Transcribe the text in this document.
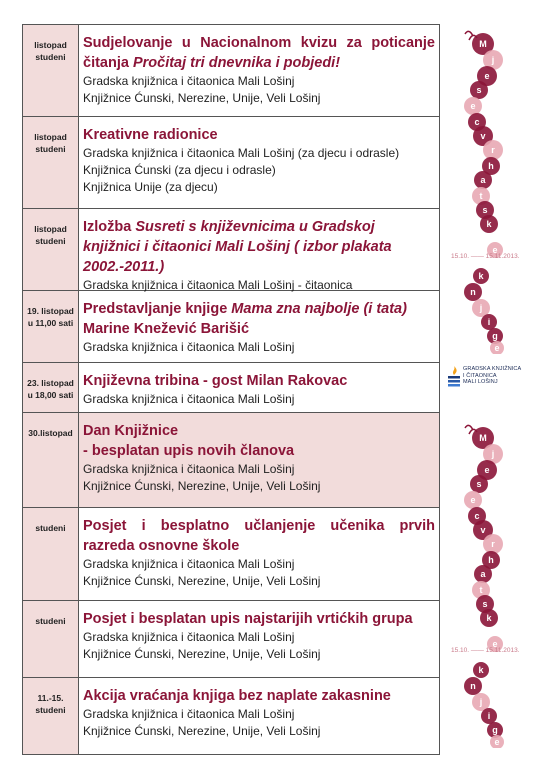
listopad
studeni

Sudjelovanje u Nacionalnom kvizu za poticanje čitanja Pročitaj tri dnevnika i pobjedi!

Gradska knjižnica i čitaonica Mali Lošinj

Knjižnice Ćunski, Nerezine, Unije, Veli Lošinj

listopad
studeni

Kreativne radionice

Gradska knjižnica i čitaonica Mali Lošinj (za djecu i odrasle)

Knjižnica Ćunski (za djecu i odrasle)

Knjižnica Unije (za djecu)

listopad
studeni

Izložba Susreti s književnicima u Gradskoj knjižnici i čitaonici Mali Lošinj ( izbor plakata 2002.-2011.)

Gradska knjižnica i čitaonica Mali Lošinj - čitaonica

19. listopad
u 11,00 sati

Predstavljanje knjige Mama zna najbolje (i tata) Marine Knežević Barišić

Gradska knjižnica i čitaonica Mali Lošinj

23. listopad
u 18,00 sati

Književna tribina - gost Milan Rakovac

Gradska knjižnica i čitaonica Mali Lošinj

30.listopad Dan Knjižnice
- besplatan upis novih članova

Gradska knjižnica i čitaonica Mali Lošinj

Knjižnice Ćunski, Nerezine, Unije, Veli Lošinj

studeni	Posjet i besplatno učlanjenje učenika prvih razreda osnovne škole

Gradska knjižnica i čitaonica Mali Lošinj

Knjižnice Ćunski, Nerezine, Unije, Veli Lošinj

studeni	Posjet i besplatan upis najstarijih vrtićkih grupa

Gradska knjižnica i čitaonica Mali Lošinj

Knjižnice Ćunski, Nerezine, Unije, Veli Lošinj

11.-15.
studeni

Akcija vraćanja knjiga bez naplate zakasnine

Gradska knjižnica i čitaonica Mali Lošinj

Knjižnice Ćunski, Nerezine, Unije, Veli Lošinj

M
j
e
s
e
c
v
r
h
a
t
s
k
e
k
n
j
i
g
e
15.10. —— 15.11.2013.
GRADSKA KNJIŽNICA
I ČITAONICA
MALI LOŠINJ
M
j
e
s
e
c
v
r
h
a
t
s
k
e
k
n
j
i
g
e
15.10. —— 15.11.2013.
